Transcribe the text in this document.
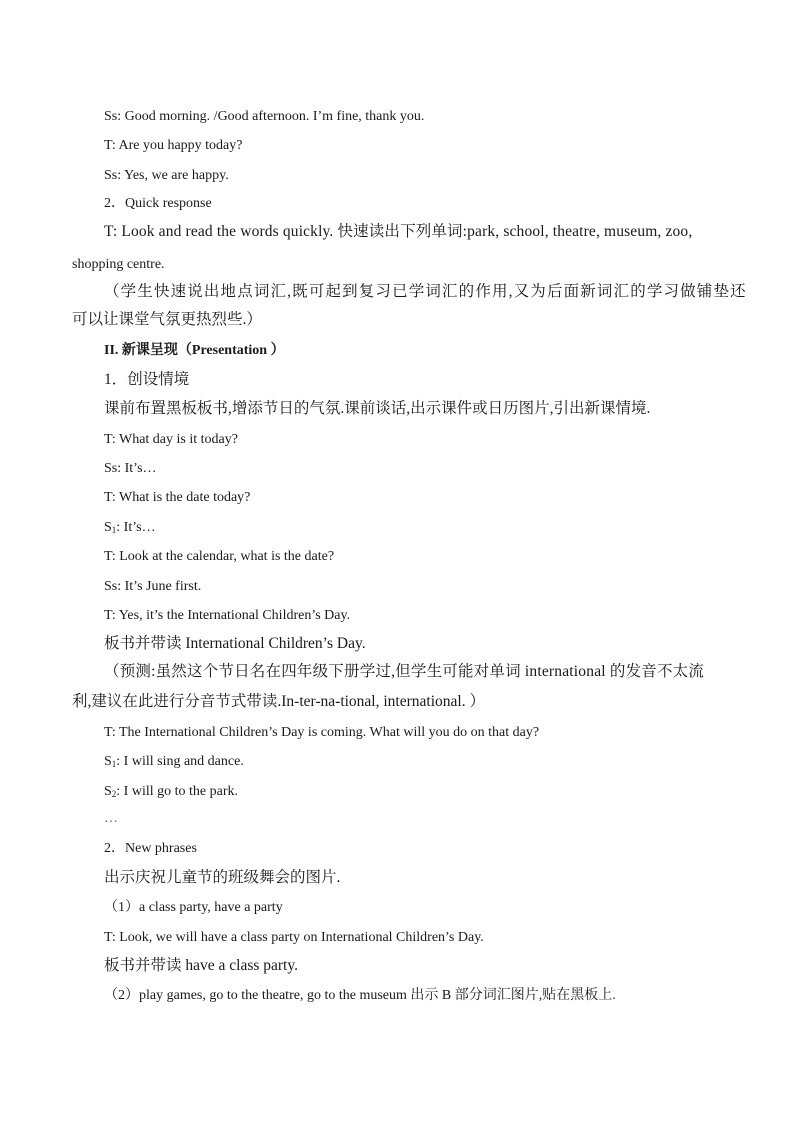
Ss: Good morning. /Good afternoon. I’m fine, thank you.
T: Are you happy today?
Ss: Yes, we are happy.
2．Quick response
T: Look and read the words quickly. 快速读出下列单词:park, school, theatre, museum, zoo,
shopping centre.
（学生快速说出地点词汇,既可起到复习已学词汇的作用,又为后面新词汇的学习做铺垫还
可以让课堂气氛更热烈些.）
II. 新课呈现（Presentation ）
1．创设情境
课前布置黑板板书,增添节日的气氛.课前谈话,出示课件或日历图片,引出新课情境.
T: What day is it today?
Ss: It’s…
T: What is the date today?
$S_1$: It’s…
T: Look at the calendar, what is the date?
Ss: It’s June first.
T: Yes, it’s the International Children’s Day.
板书并带读 International Children’s Day.
（预测:虽然这个节日名在四年级下册学过,但学生可能对单词 international 的发音不太流
利,建议在此进行分音节式带读.In-ter-na-tional, international. ）
T: The International Children’s Day is coming. What will you do on that day?
$S_1$: I will sing and dance.
$S_2$: I will go to the park.
…
2．New phrases
出示庆祝儿童节的班级舞会的图片.
（1）a class party, have a party
T: Look, we will have a class party on International Children’s Day.
板书并带读 have a class party.
（2）play games, go to the theatre, go to the museum 出示 B 部分词汇图片,贴在黑板上.
